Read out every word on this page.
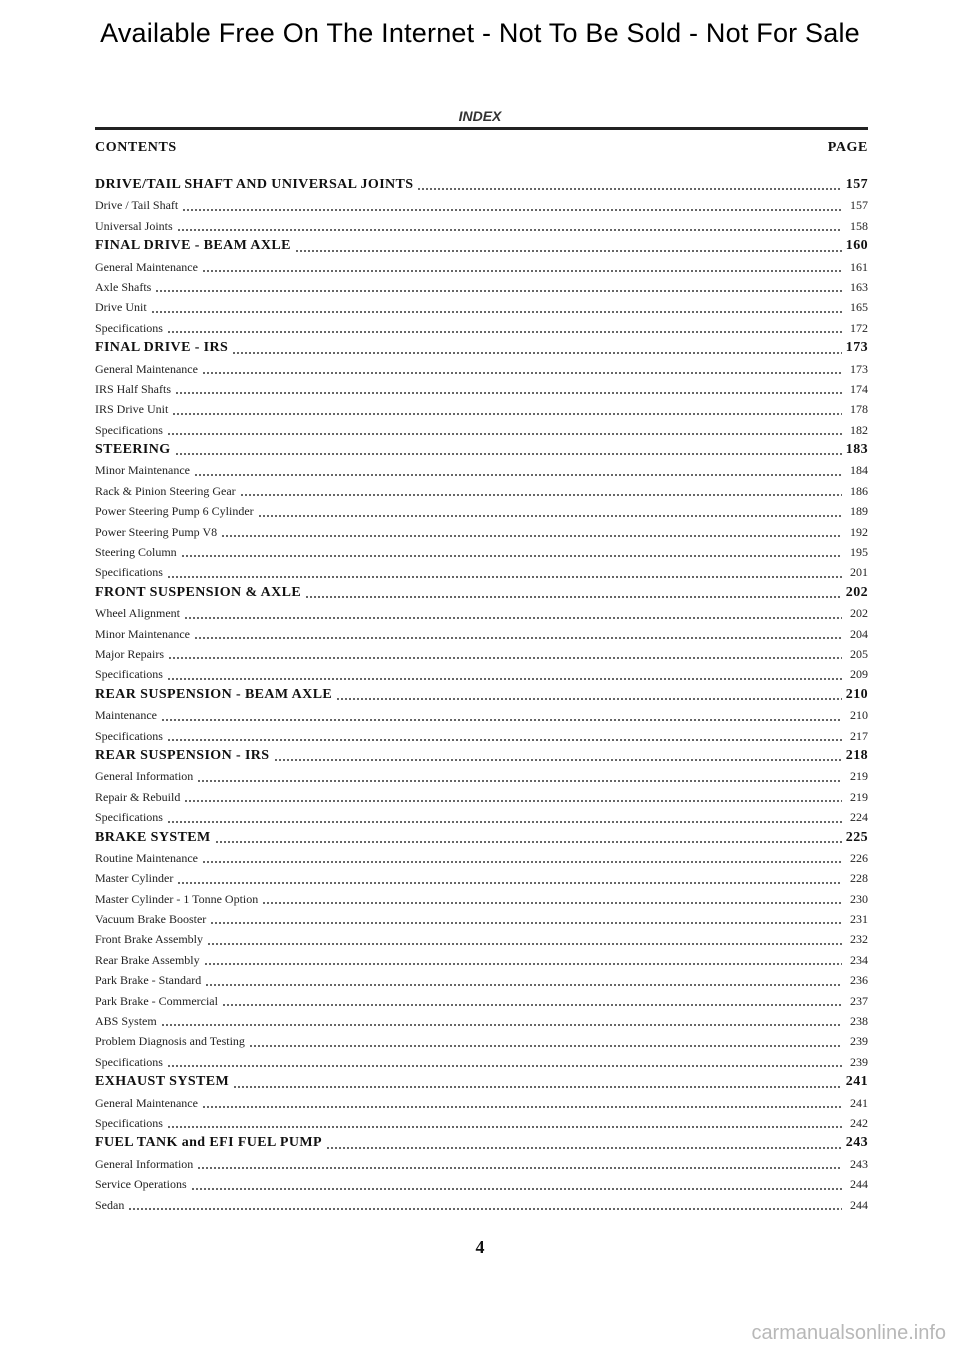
Available Free On The Internet - Not To Be Sold - Not For Sale
INDEX
CONTENTS	PAGE
DRIVE/TAIL SHAFT AND UNIVERSAL JOINTS	157
Drive / Tail Shaft	157
Universal Joints	158
FINAL DRIVE - BEAM AXLE	160
General Maintenance	161
Axle Shafts	163
Drive Unit	165
Specifications	172
FINAL DRIVE - IRS	173
General Maintenance	173
IRS Half Shafts	174
IRS Drive Unit	178
Specifications	182
STEERING	183
Minor Maintenance	184
Rack & Pinion Steering Gear	186
Power Steering Pump 6 Cylinder	189
Power Steering Pump V8	192
Steering Column	195
Specifications	201
FRONT SUSPENSION & AXLE	202
Wheel Alignment	202
Minor Maintenance	204
Major Repairs	205
Specifications	209
REAR SUSPENSION - BEAM AXLE	210
Maintenance	210
Specifications	217
REAR SUSPENSION - IRS	218
General Information	219
Repair & Rebuild	219
Specifications	224
BRAKE SYSTEM	225
Routine Maintenance	226
Master Cylinder	228
Master Cylinder - 1 Tonne Option	230
Vacuum Brake Booster	231
Front Brake Assembly	232
Rear Brake Assembly	234
Park Brake - Standard	236
Park Brake - Commercial	237
ABS System	238
Problem Diagnosis and Testing	239
Specifications	239
EXHAUST SYSTEM	241
General Maintenance	241
Specifications	242
FUEL TANK and EFI FUEL PUMP	243
General Information	243
Service Operations	244
Sedan	244
4
carmanualsonline.info
